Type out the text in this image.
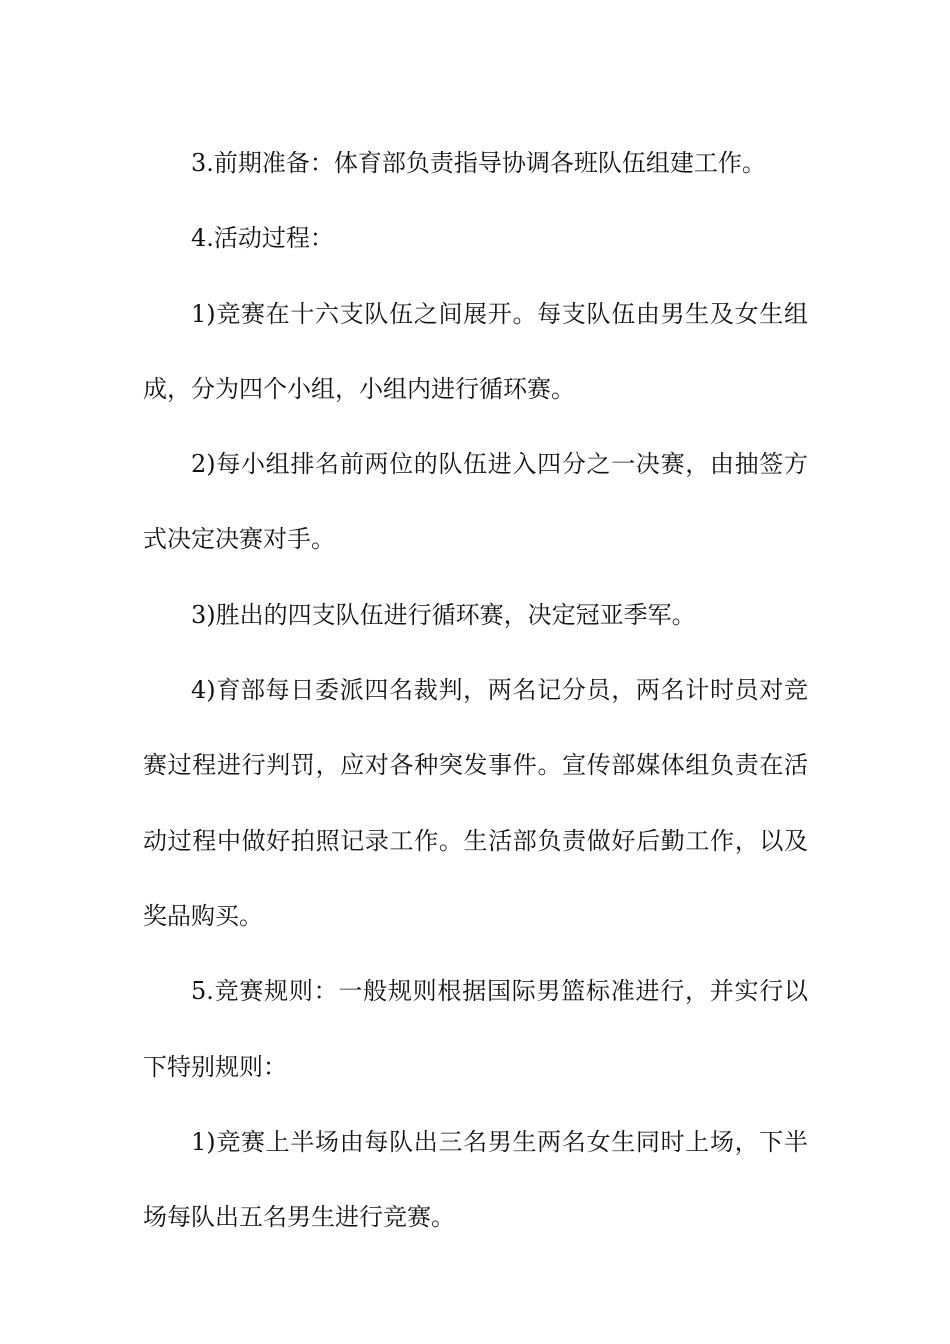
3.前期准备：体育部负责指导协调各班队伍组建工作。

4.活动过程：

1)竞赛在十六支队伍之间展开。每支队伍由男生及女生组成，分为四个小组，小组内进行循环赛。

2)每小组排名前两位的队伍进入四分之一决赛，由抽签方式决定决赛对手。

3)胜出的四支队伍进行循环赛，决定冠亚季军。

4)育部每日委派四名裁判，两名记分员，两名计时员对竞赛过程进行判罚，应对各种突发事件。宣传部媒体组负责在活动过程中做好拍照记录工作。生活部负责做好后勤工作，以及奖品购买。

5.竞赛规则：一般规则根据国际男篮标准进行，并实行以下特别规则：

1)竞赛上半场由每队出三名男生两名女生同时上场，下半场每队出五名男生进行竞赛。
